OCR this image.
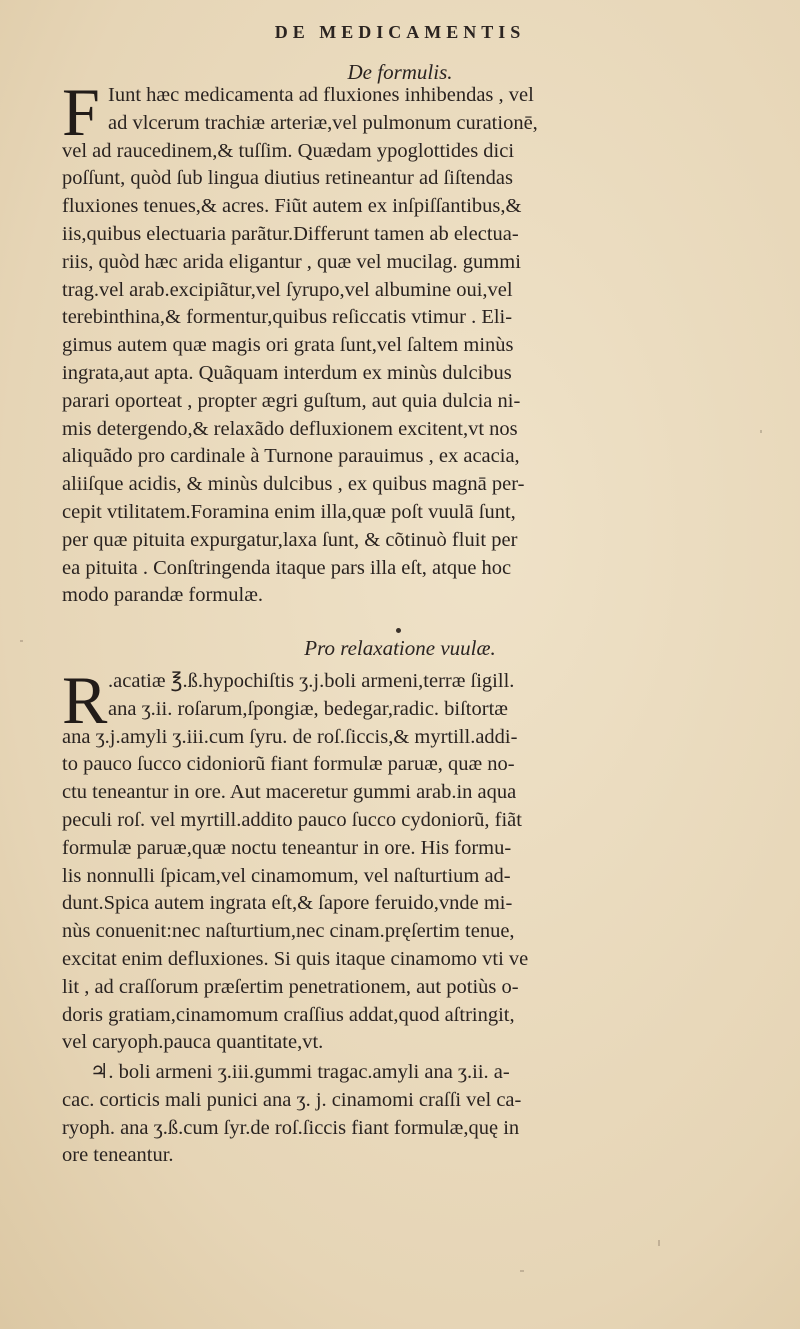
DE MEDICAMENTIS
De formulis.
F Iunt hæc medicamenta ad fluxiones inhibendas , vel
ad vlcerum trachiæ arteriæ,vel pulmonum curationē,
vel ad raucedinem,& tuſſim. Quædam ypoglottides dici
poſſunt, quòd ſub lingua diutius retineantur ad ſiſtendas
fluxiones tenues,& acres. Fiũt autem ex inſpiſſantibus,&
iis,quibus electuaria parãtur.Differunt tamen ab electua-
riis, quòd hæc arida eligantur , quæ vel mucilag. gummi
trag.vel arab.excipiãtur,vel ſyrupo,vel albumine oui,vel
terebinthina,& formentur,quibus reſiccatis vtimur . Eli-
gimus autem quæ magis ori grata ſunt,vel ſaltem minùs
ingrata,aut apta. Quãquam interdum ex minùs dulcibus
parari oporteat , propter ægri guſtum, aut quia dulcia ni-
mis detergendo,& relaxãdo defluxionem excitent,vt nos
aliquãdo pro cardinale à Turnone parauimus , ex acacia,
aliiſque acidis, & minùs dulcibus , ex quibus magnā per-
cepit vtilitatem.Foramina enim illa,quæ poſt vuulā ſunt,
per quæ pituita expurgatur,laxa ſunt, & cõtinuò fluit per
ea pituita . Conſtringenda itaque pars illa eſt, atque hoc
modo parandæ formulæ.
Pro relaxatione vuulæ.
R .acatiæ ℥.ß.hypochiſtis ʒ.j.boli armeni,terræ ſigill.
ana ʒ.ii. roſarum,ſpongiæ, bedegar,radic. biſtortæ
ana ʒ.j.amyli ʒ.iii.cum ſyru. de roſ.ſiccis,& myrtill.addi-
to pauco ſucco cidoniorũ fiant formulæ paruæ, quæ no-
ctu teneantur in ore. Aut maceretur gummi arab.in aqua
peculi roſ. vel myrtill.addito pauco ſucco cydoniorũ, fiãt
formulæ paruæ,quæ noctu teneantur in ore. His formu-
lis nonnulli ſpicam,vel cinamomum, vel naſturtium ad-
dunt.Spica autem ingrata eſt,& ſapore feruido,vnde mi-
nùs conuenit:nec naſturtium,nec cinam.pręſertim tenue,
excitat enim defluxiones. Si quis itaque cinamomo vti ve
lit , ad craſſorum præſertim penetrationem, aut potiùs o-
doris gratiam,cinamomum craſſius addat,quod aſtringit,
vel caryoph.pauca quantitate,vt.
♃. boli armeni ʒ.iii.gummi tragac.amyli ana ʒ.ii. a-
cac. corticis mali punici ana ʒ. j. cinamomi craſſi vel ca-
ryoph. ana ʒ.ß.cum ſyr.de roſ.ſiccis fiant formulæ,quę in
ore teneantur.
